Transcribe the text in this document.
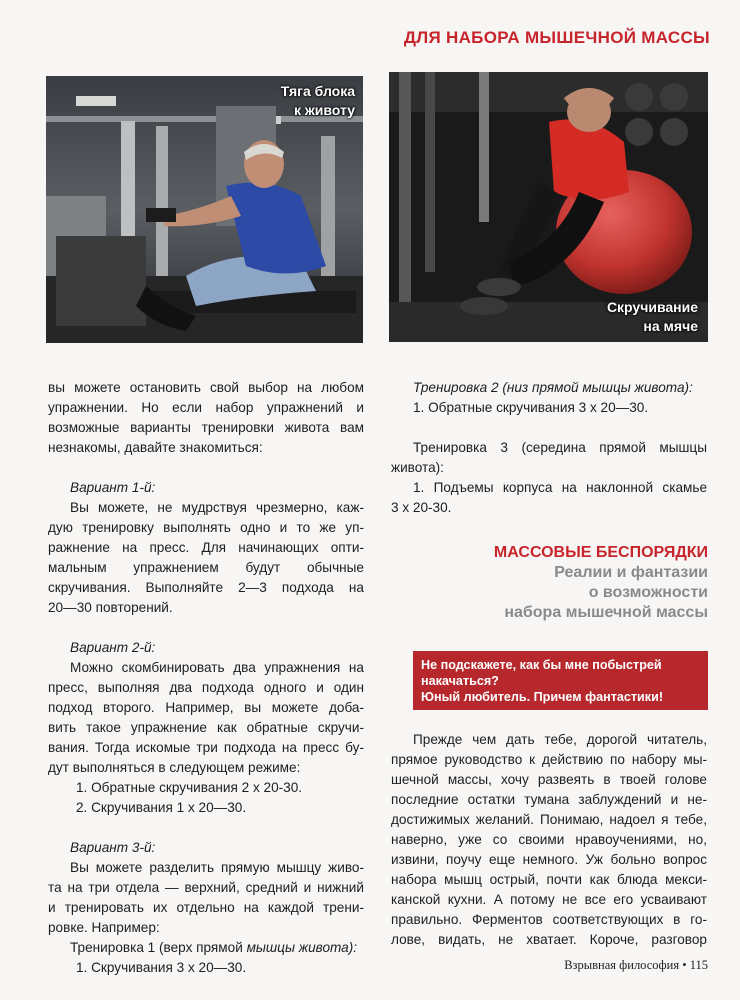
ДЛЯ НАБОРА МЫШЕЧНОЙ МАССЫ
Тяга блока
к животу
Скручивание
на мяче

вы можете остановить свой выбор на любом

упражнении. Но если набор упражнений и

возможные варианты тренировки живота вам

незнакомы, давайте знакомиться:

Вариант 1-й:

Вы можете, не мудрствуя чрезмерно, каж-

дую тренировку выполнять одно и то же уп-

ражнение на пресс. Для начинающих опти-

мальным упражнением будут обычные

скручивания. Выполняйте 2—3 подхода на

20—30 повторений.

Вариант 2-й:

Можно скомбинировать два упражнения на

пресс, выполняя два подхода одного и один

подход второго. Например, вы можете доба-

вить такое упражнение как обратные скручи-

вания. Тогда искомые три подхода на пресс бу-

дут выполняться в следующем режиме:

1. Обратные скручивания 2 х 20-30.

2. Скручивания 1 х 20—30.

Вариант 3-й:

Вы можете разделить прямую мышцу живо-

та на три отдела — верхний, средний и нижний

и тренировать их отдельно на каждой трени-

ровке. Например:

Тренировка 1 (верх прямой мышцы живота):

1. Скручивания 3 х 20—30.

Тренировка 2 (низ прямой мышцы живота):

1. Обратные скручивания 3 х 20—30.

Тренировка 3 (середина прямой мышцы

живота):

1. Подъемы корпуса на наклонной скамье

3 х 20-30.

МАССОВЫЕ БЕСПОРЯДКИ
Реалии и фантазии
о возможности
набора мышечной массы
Не подскажете, как бы мне побыстрей
накачаться?
Юный любитель. Причем фантастики!

Прежде чем дать тебе, дорогой читатель,

прямое руководство к действию по набору мы-

шечной массы, хочу развеять в твоей голове

последние остатки тумана заблуждений и не-

достижимых желаний. Понимаю, надоел я тебе,

наверно, уже со своими нравоучениями, но,

извини, поучу еще немного. Уж больно вопрос

набора мышц острый, почти как блюда мекси-

канской кухни. А потому не все его усваивают

правильно. Ферментов соответствующих в го-

лове, видать, не хватает. Короче, разговор

Взрывная философия • 115
